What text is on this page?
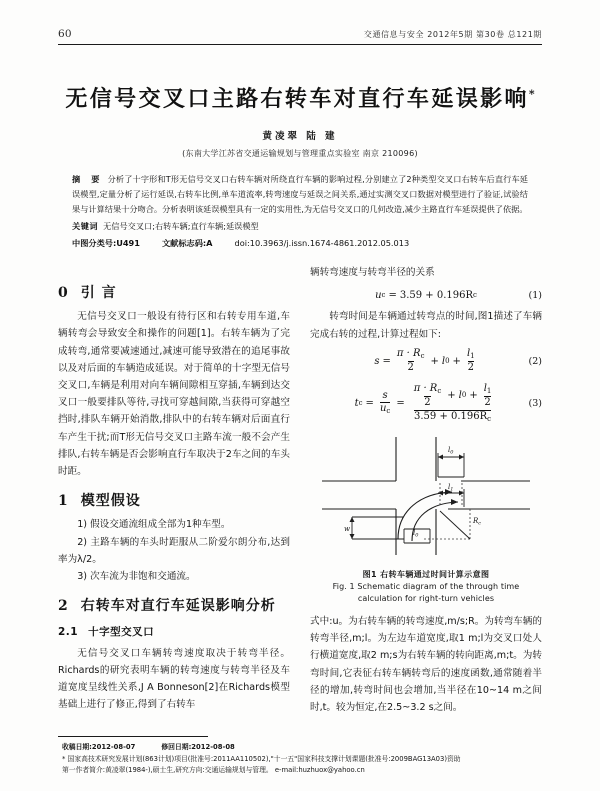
60	交通信息与安全 2012年5期 第30卷 总121期
无信号交叉口主路右转车对直行车延误影响*
黄凌翠 陆 建
(东南大学江苏省交通运输规划与管理重点实验室 南京 210096)
摘 要 分析了十字形和T形无信号交叉口右转车辆对所绕直行车辆的影响过程,分别建立了2种类型交叉口右转车后直行车延误模型,定量分析了运行延误,右转车比例,单车道流率,转弯速度与延误之间关系,通过实测交叉口数据对模型进行了验证,试验结果与计算结果十分吻合。分析表明该延误模型具有一定的实用性,为无信号交叉口的几何改造,减少主路直行车延误提供了依据。
关键词 无信号交叉口;右转车辆;直行车辆;延误模型
中图分类号:U491	文献标志码:A	doi:10.3963/j.issn.1674-4861.2012.05.013
0 引 言

无信号交叉口一般设有待行区和右转专用车道,车辆转弯会导致安全和操作的问题[1]。右转车辆为了完成转弯,通常要减速通过,减速可能导致潜在的追尾事故以及对后面的车辆造成延误。对于简单的十字型无信号交叉口,车辆是利用对向车辆间隙相互穿插,车辆到达交叉口一般要排队等待,寻找可穿越间隙,当获得可穿越空挡时,排队车辆开始消散,排队中的右转车辆对后面直行车产生干扰;而T形无信号交叉口主路车流一般不会产生排队,右转车辆是否会影响直行车取决于2车之间的车头时距。

1 模型假设

1) 假设交通流组成全部为1种车型。

2) 主路车辆的车头时距服从二阶爱尔朗分布,达到率为λ/2。

3) 次车流为非饱和交通流。

2 右转车对直行车延误影响分析
2.1 十字型交叉口

无信号交叉口车辆转弯速度取决于转弯半径。Richards的研究表明车辆的转弯速度与转弯半径及车道宽度呈线性关系,J A Bonneson[2]在Richards模型基础上进行了修正,得到了右转车

辆转弯速度与转弯半径的关系

u c = 3.59 + 0.196R c	(1)

转弯时间是车辆通过转弯点的时间,图1描述了车辆完成右转的过程,计算过程如下:

$s = \frac{\pi \cdot R_c}{2} + l$ $0 + \frac{l_1}{2}$	(2)
t $c = \frac{s}{u_c} = \frac{\pi \cdot R_c}{2} + l$ $0 + \frac{l_1}{2}$
$3.59 + 0.196R_c$
(3)
$R_c$
$l_0$
$l_1$
w	$l_0$
图1 右转车辆通过时间计算示意图
Fig. 1 Schematic diagram of the through time
calculation for right-turn vehicles

式中:u。为右转车辆的转弯速度,m/s;R。为转弯车辆的转弯半径,m;l。为左边车道宽度,取1 m;l为交叉口处人行横道宽度,取2 m;s为右转车辆的转向距离,m;t。为转弯时间,它表征右转车辆转弯后的速度函数,通常随着半径的增加,转弯时间也会增加,当半径在10~14 m之间时,t。较为恒定,在2.5~3.2 s之间。

收稿日期:2012-08-07	修回日期:2012-08-08
* 国家高技术研究发展计划(863计划)项目(批准号:2011AA110502),"十一五"国家科技支撑计划课题(批准号:2009BAG13A03)资助
第一作者简介:黄凌翠(1984-),硕士生,研究方向:交通运输规划与管理。 e-mail:huzhuox@yahoo.cn
